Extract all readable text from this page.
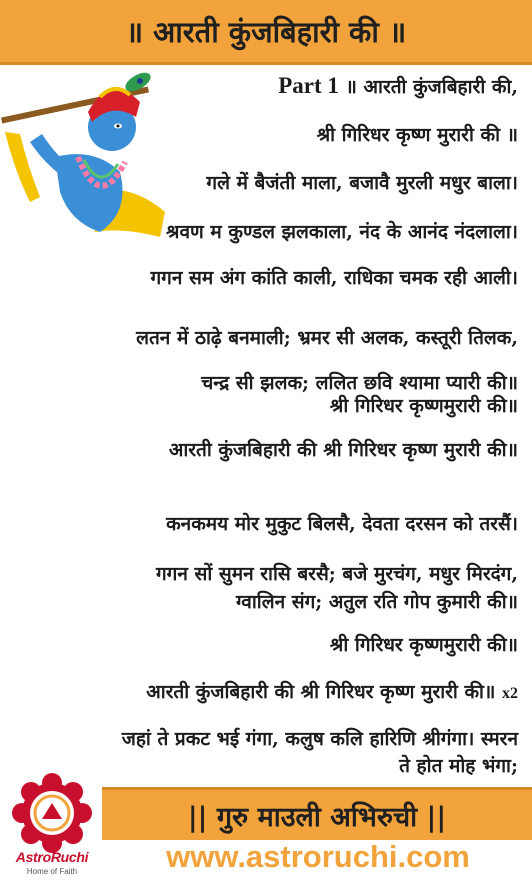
॥ आरती कुंजबिहारी की ॥
Part 1 ॥ आरती कुंजबिहारी की,
श्री गिरिधर कृष्ण मुरारी की ॥
गले में बैजंती माला, बजावै मुरली मधुर बाला।
श्रवण म कुण्डल झलकाला, नंद के आनंद नंदलाला।
गगन सम अंग कांति काली, राधिका चमक रही आली।
लतन में ठाढ़े बनमाली; भ्रमर सी अलक, कस्तूरी तिलक,
चन्द्र सी झलक; ललित छवि श्यामा प्यारी की॥
श्री गिरिधर कृष्णमुरारी की॥
आरती कुंजबिहारी की श्री गिरिधर कृष्ण मुरारी की॥
कनकमय मोर मुकुट बिलसै, देवता दरसन को तरसैं।
गगन सों सुमन रासि बरसै; बजे मुरचंग, मधुर मिरदंग,
ग्वालिन संग; अतुल रति गोप कुमारी की॥
श्री गिरिधर कृष्णमुरारी की॥
आरती कुंजबिहारी की श्री गिरिधर कृष्ण मुरारी की॥ x2
जहां ते प्रकट भई गंगा, कलुष कलि हारिणि श्रीगंगा। स्मरन
ते होत मोह भंगा;
|| गुरु माउली अभिरुची ||
AstroRuchi
Home of Faith	www.astroruchi.com
